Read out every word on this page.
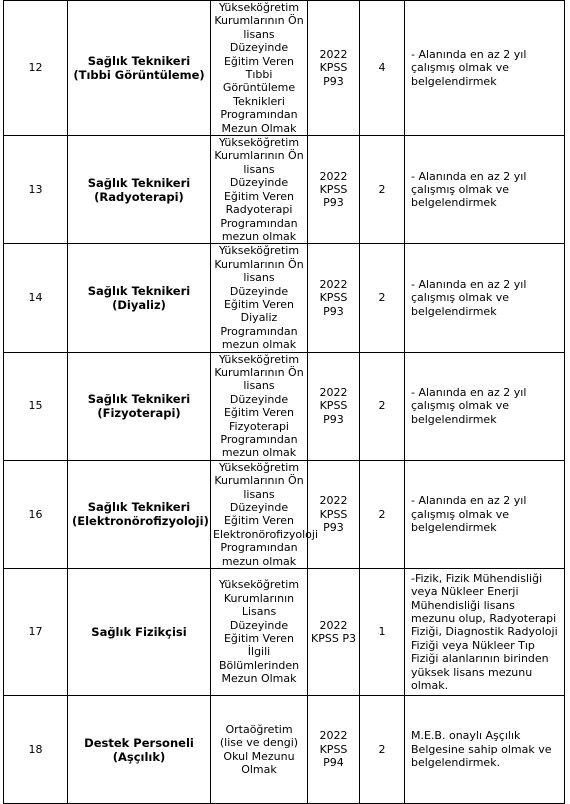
12	Sağlık Teknikeri (Tıbbi Görüntüleme)	Yükseköğretim Kurumlarının Ön lisans Düzeyinde Eğitim Veren Tıbbi Görüntüleme Teknikleri Programından Mezun Olmak	2022 KPSS P93	4	- Alanında en az 2 yıl çalışmış olmak ve belgelendirmek
13	Sağlık Teknikeri (Radyoterapi)	Yükseköğretim Kurumlarının Ön lisans Düzeyinde Eğitim Veren Radyoterapi Programından mezun olmak	2022 KPSS P93	2	- Alanında en az 2 yıl çalışmış olmak ve belgelendirmek
14	Sağlık Teknikeri (Diyaliz)	Yükseköğretim Kurumlarının Ön lisans Düzeyinde Eğitim Veren Diyaliz Programından mezun olmak	2022 KPSS P93	2	- Alanında en az 2 yıl çalışmış olmak ve belgelendirmek
15	Sağlık Teknikeri (Fizyoterapi)	Yükseköğretim Kurumlarının Ön lisans Düzeyinde Eğitim Veren Fizyoterapi Programından mezun olmak	2022 KPSS P93	2	- Alanında en az 2 yıl çalışmış olmak ve belgelendirmek
16	Sağlık Teknikeri (Elektronörofizyoloji)	Yükseköğretim Kurumlarının Ön lisans Düzeyinde Eğitim Veren Elektronörofizyoloji Programından mezun olmak	2022 KPSS P93	2	- Alanında en az 2 yıl çalışmış olmak ve belgelendirmek
17	Sağlık Fizikçisi	Yükseköğretim Kurumlarının Lisans Düzeyinde Eğitim Veren İlgili Bölümlerinden Mezun Olmak	2022 KPSS P3	1	-Fizik, Fizik Mühendisliği veya Nükleer Enerji Mühendisliği lisans mezunu olup, Radyoterapi Fiziği, Diagnostik Radyoloji Fiziği veya Nükleer Tıp Fiziği alanlarının birinden yüksek lisans mezunu olmak.
18	Destek Personeli (Aşçılık)	Ortaöğretim (lise ve dengi) Okul Mezunu Olmak	2022 KPSS P94	2	M.E.B. onaylı Aşçılık Belgesine sahip olmak ve belgelendirmek.
